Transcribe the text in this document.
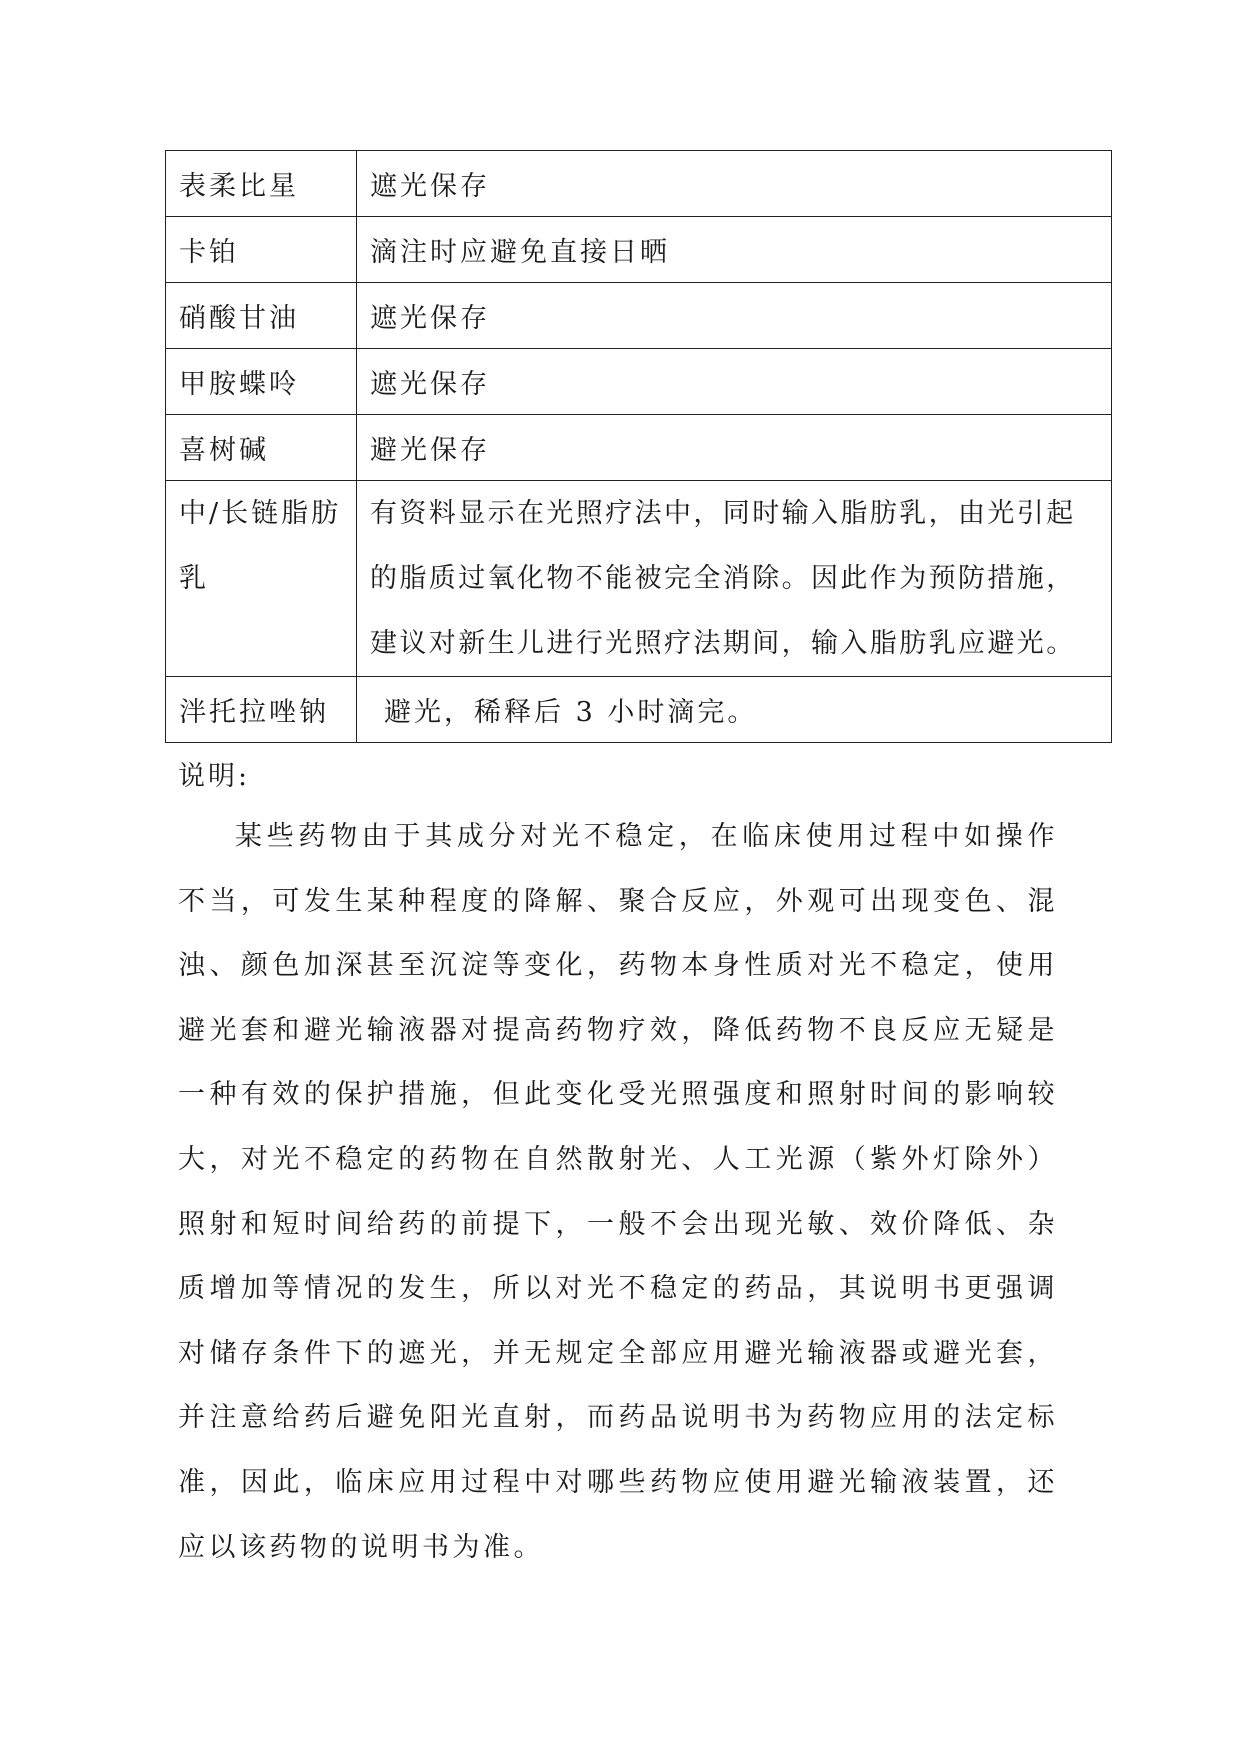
表柔比星	遮光保存
卡铂	滴注时应避免直接日晒
硝酸甘油	遮光保存
甲胺蝶呤	遮光保存
喜树碱	避光保存
中/长链脂肪乳	有资料显示在光照疗法中，同时输入脂肪乳，由光引起的脂质过氧化物不能被完全消除。因此作为预防措施，建议对新生儿进行光照疗法期间，输入脂肪乳应避光。
泮托拉唑钠	避光，稀释后 3 小时滴完。

说明:

某些药物由于其成分对光不稳定，在临床使用过程中如操作不当，可发生某种程度的降解、聚合反应，外观可出现变色、混浊、颜色加深甚至沉淀等变化，药物本身性质对光不稳定，使用避光套和避光输液器对提高药物疗效，降低药物不良反应无疑是一种有效的保护措施，但此变化受光照强度和照射时间的影响较大，对光不稳定的药物在自然散射光、人工光源（紫外灯除外）照射和短时间给药的前提下，一般不会出现光敏、效价降低、杂质增加等情况的发生，所以对光不稳定的药品，其说明书更强调对储存条件下的遮光，并无规定全部应用避光输液器或避光套，并注意给药后避免阳光直射，而药品说明书为药物应用的法定标准，因此，临床应用过程中对哪些药物应使用避光输液装置，还应以该药物的说明书为准。
